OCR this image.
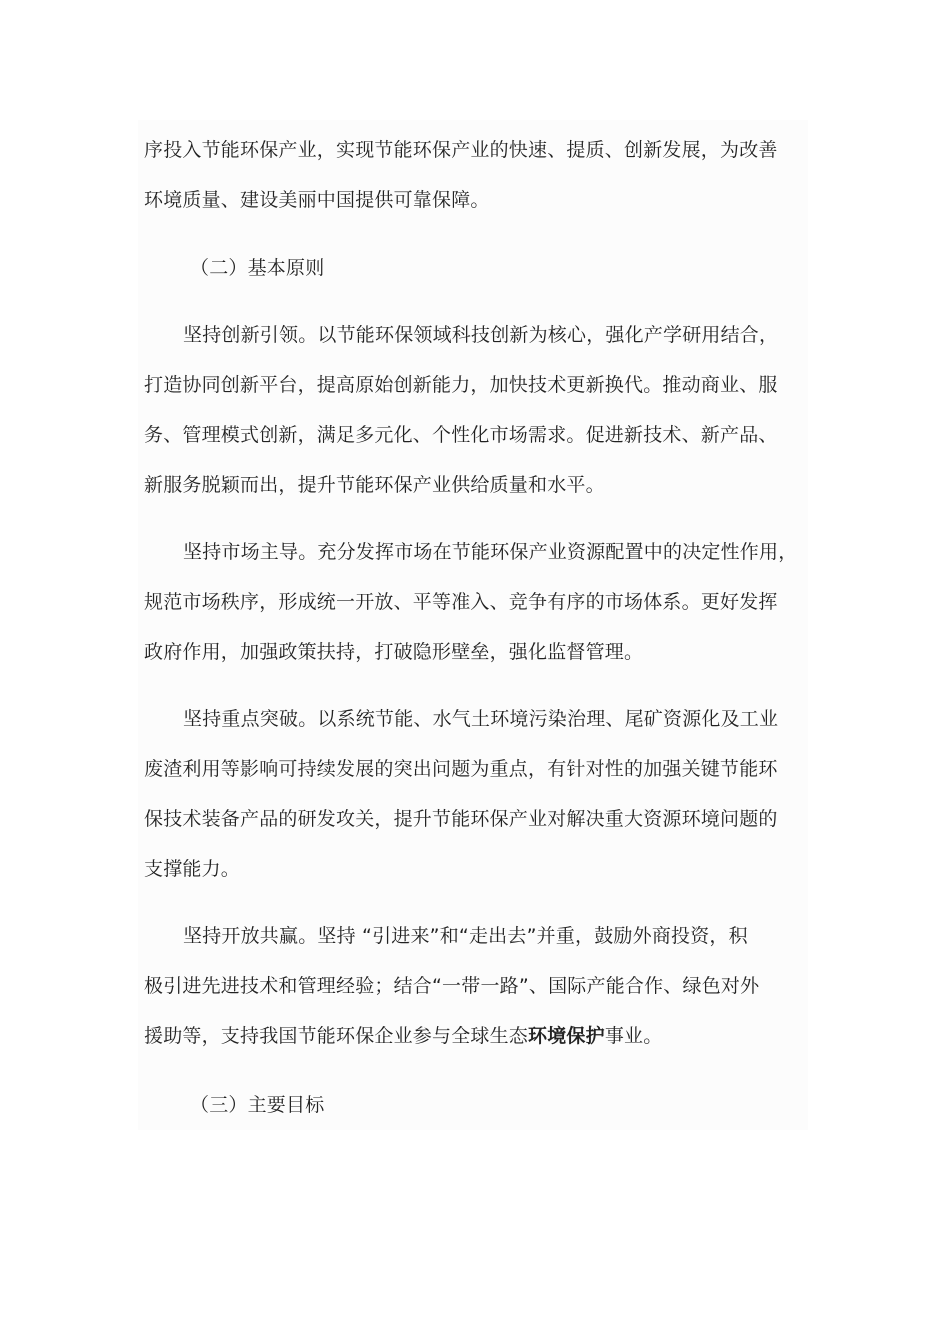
序投入节能环保产业，实现节能环保产业的快速、提质、创新发展，为改善
环境质量、建设美丽中国提供可靠保障。
（二）基本原则
坚持创新引领。以节能环保领域科技创新为核心，强化产学研用结合，
打造协同创新平台，提高原始创新能力，加快技术更新换代。推动商业、服
务、管理模式创新，满足多元化、个性化市场需求。促进新技术、新产品、
新服务脱颖而出，提升节能环保产业供给质量和水平。
坚持市场主导。充分发挥市场在节能环保产业资源配置中的决定性作用，
规范市场秩序，形成统一开放、平等准入、竞争有序的市场体系。更好发挥
政府作用，加强政策扶持，打破隐形壁垒，强化监督管理。
坚持重点突破。以系统节能、水气土环境污染治理、尾矿资源化及工业
废渣利用等影响可持续发展的突出问题为重点，有针对性的加强关键节能环
保技术装备产品的研发攻关，提升节能环保产业对解决重大资源环境问题的
支撑能力。
坚持开放共赢。坚持 “引进来”和“走出去”并重，鼓励外商投资，积
极引进先进技术和管理经验；结合“一带一路”、国际产能合作、绿色对外
援助等，支持我国节能环保企业参与全球生态环境保护事业。
（三）主要目标
